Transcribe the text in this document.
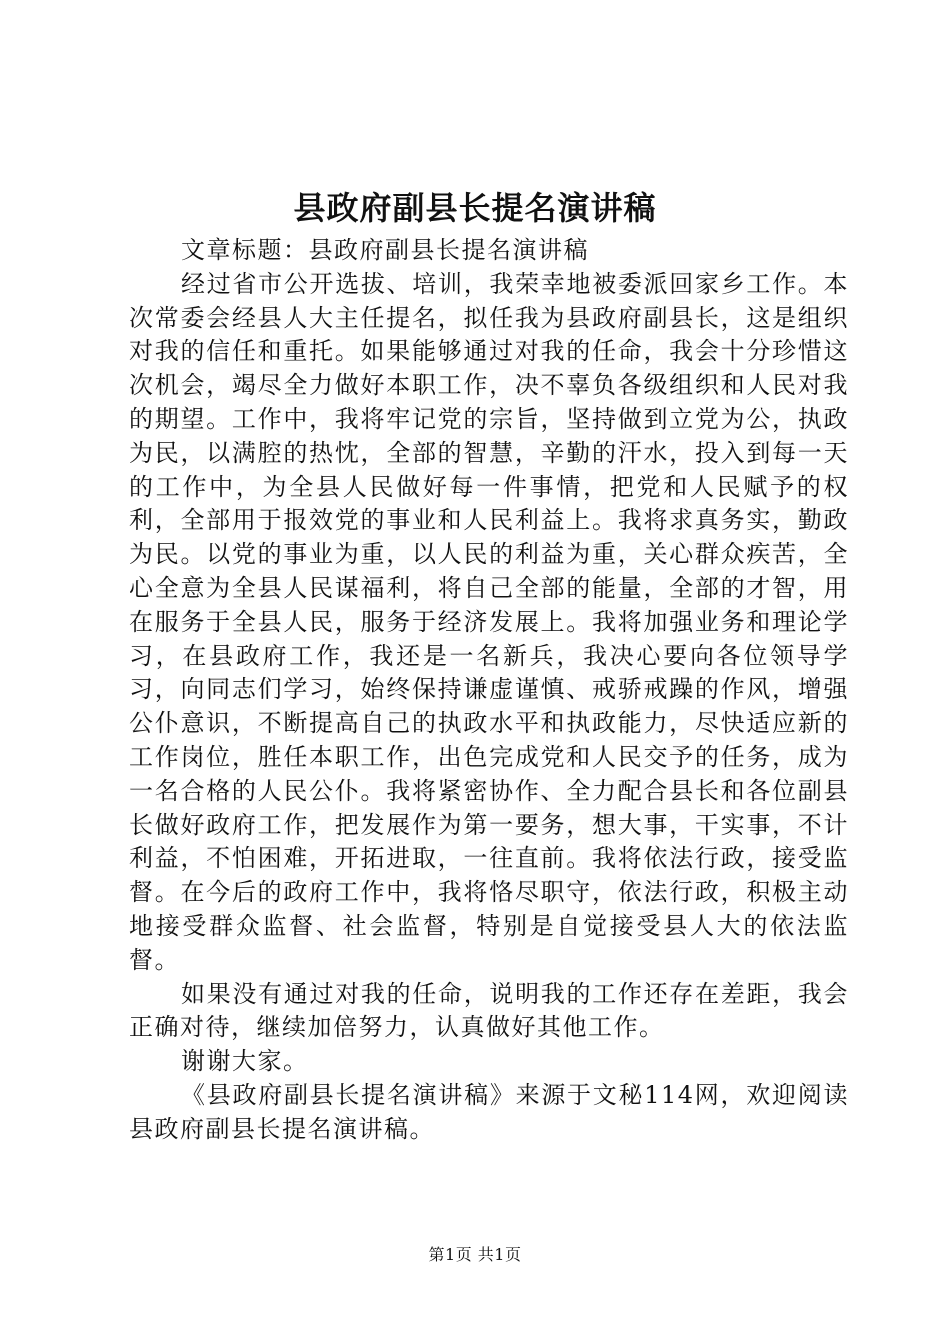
县政府副县长提名演讲稿

文章标题：县政府副县长提名演讲稿

经过省市公开选拔、培训，我荣幸地被委派回家乡工作。本次常委会经县人大主任提名，拟任我为县政府副县长，这是组织对我的信任和重托。如果能够通过对我的任命，我会十分珍惜这次机会，竭尽全力做好本职工作，决不辜负各级组织和人民对我的期望。工作中，我将牢记党的宗旨，坚持做到立党为公，执政为民，以满腔的热忱，全部的智慧，辛勤的汗水，投入到每一天的工作中，为全县人民做好每一件事情，把党和人民赋予的权利，全部用于报效党的事业和人民利益上。我将求真务实，勤政为民。以党的事业为重，以人民的利益为重，关心群众疾苦，全心全意为全县人民谋福利，将自己全部的能量，全部的才智，用在服务于全县人民，服务于经济发展上。我将加强业务和理论学习，在县政府工作，我还是一名新兵，我决心要向各位领导学习，向同志们学习，始终保持谦虚谨慎、戒骄戒躁的作风，增强公仆意识，不断提高自己的执政水平和执政能力，尽快适应新的工作岗位，胜任本职工作，出色完成党和人民交予的任务，成为一名合格的人民公仆。我将紧密协作、全力配合县长和各位副县长做好政府工作，把发展作为第一要务，想大事，干实事，不计利益，不怕困难，开拓进取，一往直前。我将依法行政，接受监督。在今后的政府工作中，我将恪尽职守，依法行政，积极主动地接受群众监督、社会监督，特别是自觉接受县人大的依法监督。

如果没有通过对我的任命，说明我的工作还存在差距，我会正确对待，继续加倍努力，认真做好其他工作。

谢谢大家。

《县政府副县长提名演讲稿》来源于文秘114网，欢迎阅读县政府副县长提名演讲稿。

第1页 共1页
